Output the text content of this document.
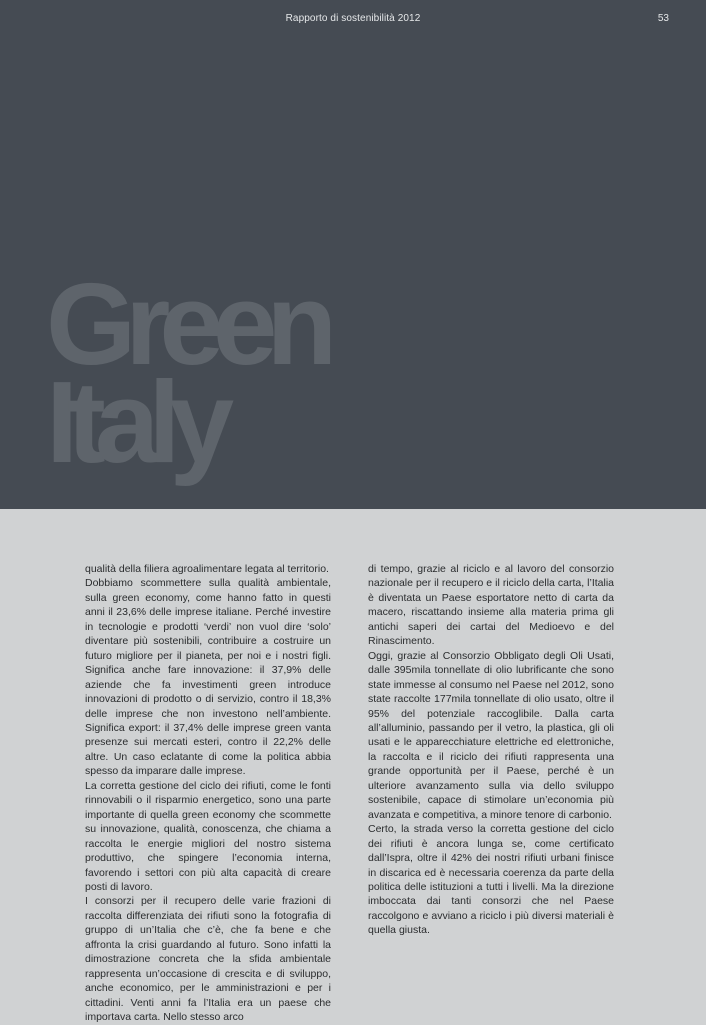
Rapporto di sostenibilità 2012	53
Green
Italy

qualità della filiera agroalimentare legata al territorio.

Dobbiamo scommettere sulla qualità ambientale, sulla green economy, come hanno fatto in questi anni il 23,6% delle imprese italiane. Perché investire in tecnologie e prodotti ‘verdi’ non vuol dire ‘solo’ diventare più sostenibili, contribuire a costruire un futuro migliore per il pianeta, per noi e i nostri figli. Significa anche fare innovazione: il 37,9% delle aziende che fa investimenti green introduce innovazioni di prodotto o di servizio, contro il 18,3% delle imprese che non investono nell’ambiente. Significa export: il 37,4% delle imprese green vanta presenze sui mercati esteri, contro il 22,2% delle altre. Un caso eclatante di come la politica abbia spesso da imparare dalle imprese.

La corretta gestione del ciclo dei rifiuti, come le fonti rinnovabili o il risparmio energetico, sono una parte importante di quella green economy che scommette su innovazione, qualità, conoscenza, che chiama a raccolta le energie migliori del nostro sistema produttivo, che spingere l’economia interna, favorendo i settori con più alta capacità di creare posti di lavoro.

I consorzi per il recupero delle varie frazioni di raccolta differenziata dei rifiuti sono la fotografia di gruppo di un’Italia che c’è, che fa bene e che affronta la crisi guardando al futuro. Sono infatti la dimostrazione concreta che la sfida ambientale rappresenta un’occasione di crescita e di sviluppo, anche economico, per le amministrazioni e per i cittadini. Venti anni fa l’Italia era un paese che importava carta. Nello stesso arco

di tempo, grazie al riciclo e al lavoro del consorzio nazionale per il recupero e il riciclo della carta, l’Italia è diventata un Paese esportatore netto di carta da macero, riscattando insieme alla materia prima gli antichi saperi dei cartai del Medioevo e del Rinascimento.

Oggi, grazie al Consorzio Obbligato degli Oli Usati, dalle 395mila tonnellate di olio lubrificante che sono state immesse al consumo nel Paese nel 2012, sono state raccolte 177mila tonnellate di olio usato, oltre il 95% del potenziale raccoglibile. Dalla carta all’alluminio, passando per il vetro, la plastica, gli oli usati e le apparecchiature elettriche ed elettroniche, la raccolta e il riciclo dei rifiuti rappresenta una grande opportunità per il Paese, perché è un ulteriore avanzamento sulla via dello sviluppo sostenibile, capace di stimolare un’economia più avanzata e competitiva, a minore tenore di carbonio.

Certo, la strada verso la corretta gestione del ciclo dei rifiuti è ancora lunga se, come certificato dall’Ispra, oltre il 42% dei nostri rifiuti urbani finisce in discarica ed è necessaria coerenza da parte della politica delle istituzioni a tutti i livelli. Ma la direzione imboccata dai tanti consorzi che nel Paese raccolgono e avviano a riciclo i più diversi materiali è quella giusta.
